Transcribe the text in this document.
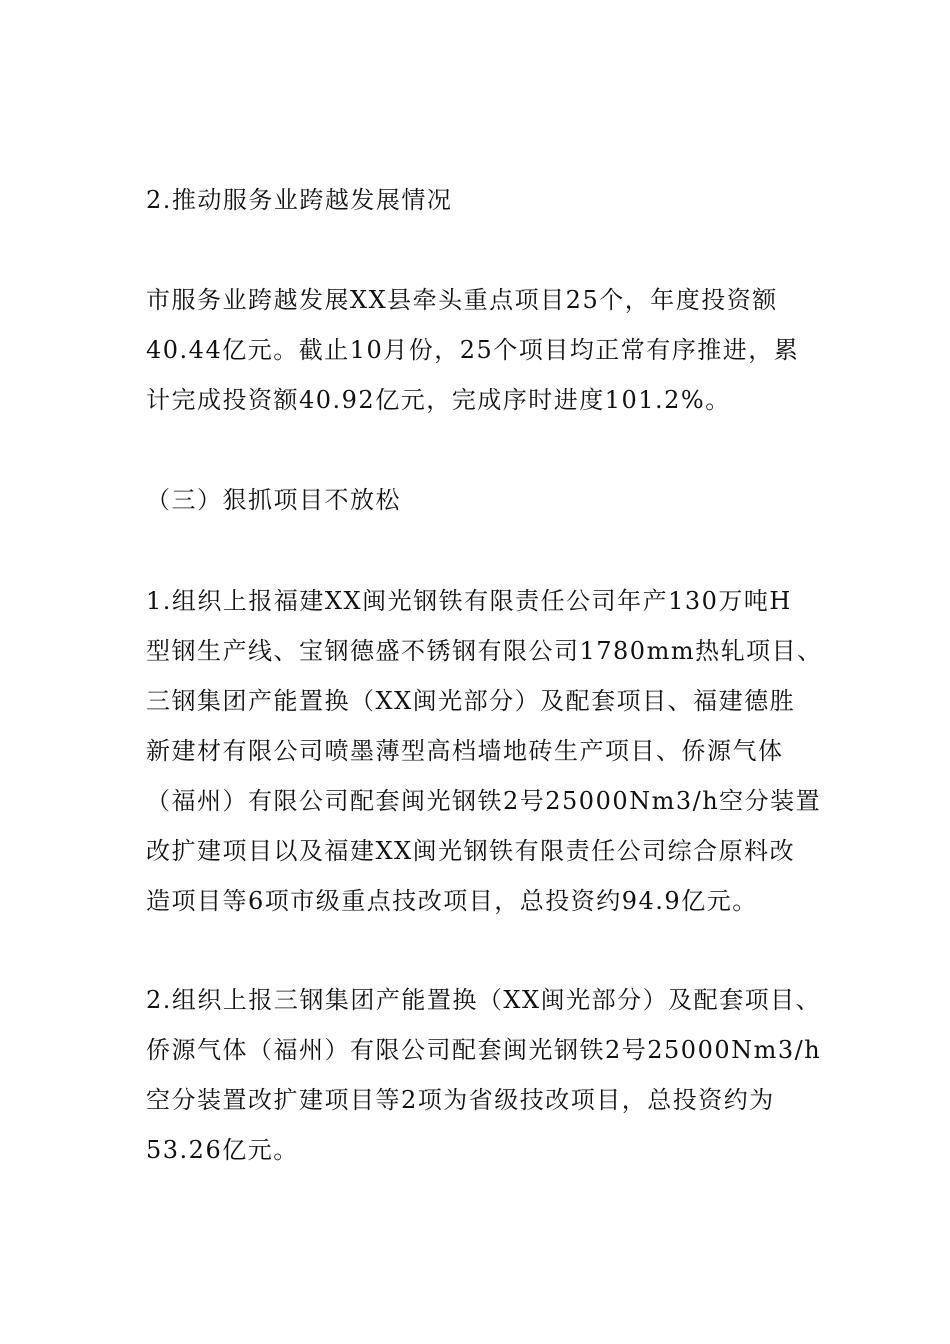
2.推动服务业跨越发展情况
市服务业跨越发展XX县牵头重点项目25个，年度投资额
40.44亿元。截止10月份，25个项目均正常有序推进，累
计完成投资额40.92亿元，完成序时进度101.2%。
（三）狠抓项目不放松
1.组织上报福建XX闽光钢铁有限责任公司年产130万吨H
型钢生产线、宝钢德盛不锈钢有限公司1780mm热轧项目、
三钢集团产能置换（XX闽光部分）及配套项目、福建德胜
新建材有限公司喷墨薄型高档墙地砖生产项目、侨源气体
（福州）有限公司配套闽光钢铁2号25000Nm3/h空分装置
改扩建项目以及福建XX闽光钢铁有限责任公司综合原料改
造项目等6项市级重点技改项目，总投资约94.9亿元。
2.组织上报三钢集团产能置换（XX闽光部分）及配套项目、
侨源气体（福州）有限公司配套闽光钢铁2号25000Nm3/h
空分装置改扩建项目等2项为省级技改项目，总投资约为
53.26亿元。
